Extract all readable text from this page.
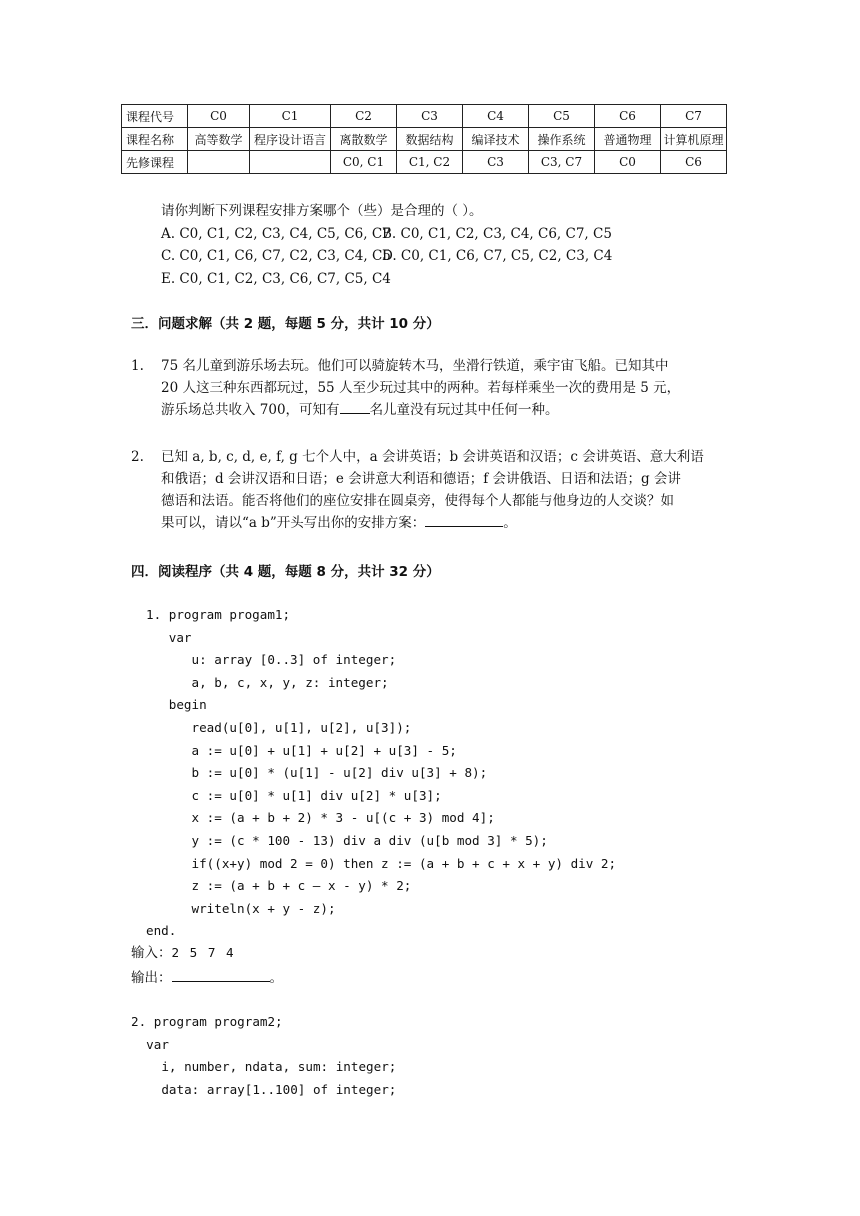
课程代号	C0	C1	C2	C3	C4	C5	C6	C7
课程名称	高等数学	程序设计语言	离散数学	数据结构	编译技术	操作系统	普通物理	计算机原理
先修课程			C0, C1	C1, C2	C3	C3, C7	C0	C6
请你判断下列课程安排方案哪个（些）是合理的（ ）。
A. C0, C1, C2, C3, C4, C5, C6, C7
B. C0, C1, C2, C3, C4, C6, C7, C5
C. C0, C1, C6, C7, C2, C3, C4, C5
D. C0, C1, C6, C7, C5, C2, C3, C4
E. C0, C1, C2, C3, C6, C7, C5, C4
三．问题求解（共 2 题，每题 5 分，共计 10 分）
1. 75 名儿童到游乐场去玩。他们可以骑旋转木马，坐滑行铁道，乘宇宙飞船。已知其中
20 人这三种东西都玩过，55 人至少玩过其中的两种。若每样乘坐一次的费用是 5 元，
游乐场总共收入 700，可知有 名儿童没有玩过其中任何一种。
2. 已知 a, b, c, d, e, f, g 七个人中，a 会讲英语；b 会讲英语和汉语；c 会讲英语、意大利语
和俄语；d 会讲汉语和日语；e 会讲意大利语和德语；f 会讲俄语、日语和法语；g 会讲
德语和法语。能否将他们的座位安排在圆桌旁，使得每个人都能与他身边的人交谈？如
果可以，请以“a b”开头写出你的安排方案：	。
四．阅读程序（共 4 题，每题 8 分，共计 32 分）
1. program progam1;
var
u: array [0..3] of integer;
a, b, c, x, y, z: integer;
begin
read(u[0], u[1], u[2], u[3]);
a := u[0] + u[1] + u[2] + u[3] - 5;
b := u[0] * (u[1] - u[2] div u[3] + 8);
c := u[0] * u[1] div u[2] * u[3];
x := (a + b + 2) * 3 - u[(c + 3) mod 4];
y := (c * 100 - 13) div a div (u[b mod 3] * 5);
if((x+y) mod 2 = 0) then z := (a + b + c + x + y) div 2;
z := (a + b + c – x - y) * 2;
writeln(x + y - z);
end.
输入：2 5 7 4
输出：	。
2. program program2;
var
i, number, ndata, sum: integer;
data: array[1..100] of integer;
